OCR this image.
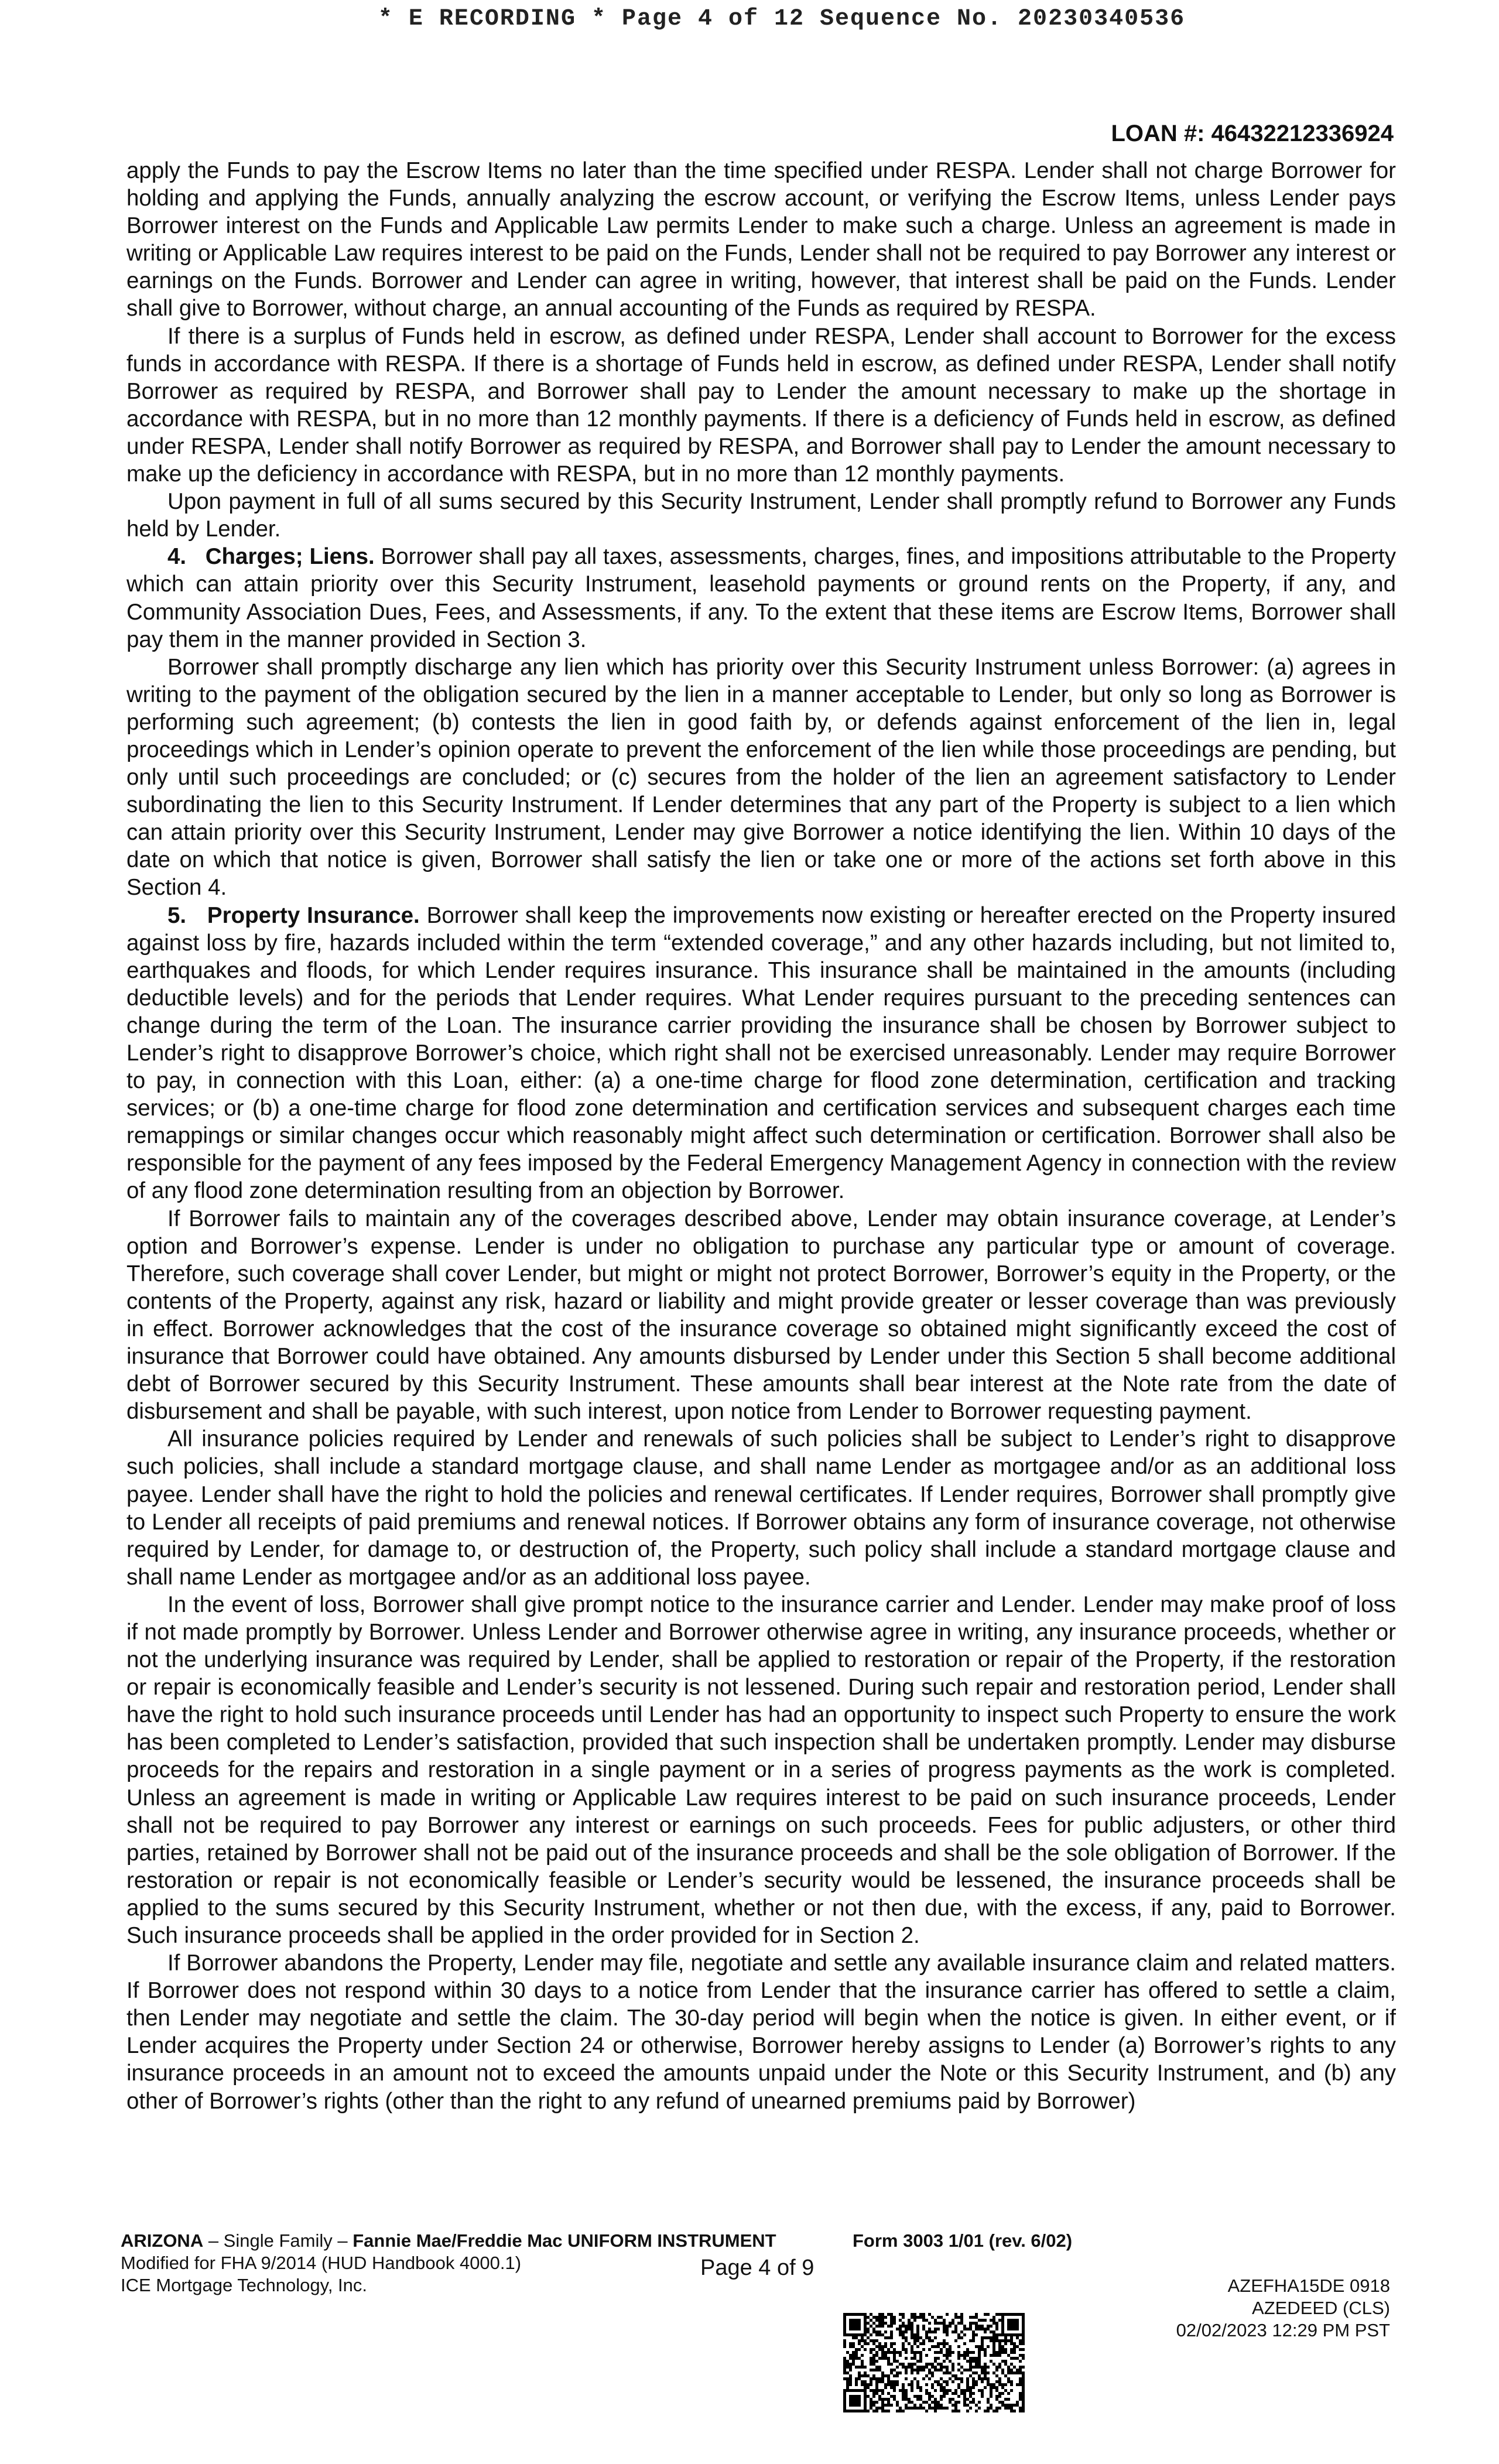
* E RECORDING * Page 4 of 12 Sequence No. 20230340536
LOAN #: 46432212336924

apply the Funds to pay the Escrow Items no later than the time specified under RESPA. Lender shall not charge Borrower for holding and applying the Funds, annually analyzing the escrow account, or verifying the Escrow Items, unless Lender pays Borrower interest on the Funds and Applicable Law permits Lender to make such a charge. Unless an agreement is made in writing or Applicable Law requires interest to be paid on the Funds, Lender shall not be required to pay Borrower any interest or earnings on the Funds. Borrower and Lender can agree in writing, however, that interest shall be paid on the Funds. Lender shall give to Borrower, without charge, an annual accounting of the Funds as required by RESPA.

If there is a surplus of Funds held in escrow, as defined under RESPA, Lender shall account to Borrower for the excess funds in accordance with RESPA. If there is a shortage of Funds held in escrow, as defined under RESPA, Lender shall notify Borrower as required by RESPA, and Borrower shall pay to Lender the amount necessary to make up the shortage in accordance with RESPA, but in no more than 12 monthly payments. If there is a deficiency of Funds held in escrow, as defined under RESPA, Lender shall notify Borrower as required by RESPA, and Borrower shall pay to Lender the amount necessary to make up the deficiency in accordance with RESPA, but in no more than 12 monthly payments.

Upon payment in full of all sums secured by this Security Instrument, Lender shall promptly refund to Borrower any Funds held by Lender.

4. Charges; Liens. Borrower shall pay all taxes, assessments, charges, fines, and impositions attributable to the Property which can attain priority over this Security Instrument, leasehold payments or ground rents on the Property, if any, and Community Association Dues, Fees, and Assessments, if any. To the extent that these items are Escrow Items, Borrower shall pay them in the manner provided in Section 3.

Borrower shall promptly discharge any lien which has priority over this Security Instrument unless Borrower: (a) agrees in writing to the payment of the obligation secured by the lien in a manner acceptable to Lender, but only so long as Borrower is performing such agreement; (b) contests the lien in good faith by, or defends against enforcement of the lien in, legal proceedings which in Lender’s opinion operate to prevent the enforcement of the lien while those proceedings are pending, but only until such proceedings are concluded; or (c) secures from the holder of the lien an agreement satisfactory to Lender subordinating the lien to this Security Instrument. If Lender determines that any part of the Property is subject to a lien which can attain priority over this Security Instrument, Lender may give Borrower a notice identifying the lien. Within 10 days of the date on which that notice is given, Borrower shall satisfy the lien or take one or more of the actions set forth above in this Section 4.

5. Property Insurance. Borrower shall keep the improvements now existing or hereafter erected on the Property insured against loss by fire, hazards included within the term “extended coverage,” and any other hazards including, but not limited to, earthquakes and floods, for which Lender requires insurance. This insurance shall be maintained in the amounts (including deductible levels) and for the periods that Lender requires. What Lender requires pursuant to the preceding sentences can change during the term of the Loan. The insurance carrier providing the insurance shall be chosen by Borrower subject to Lender’s right to disapprove Borrower’s choice, which right shall not be exercised unreasonably. Lender may require Borrower to pay, in connection with this Loan, either: (a) a one-time charge for flood zone determination, certification and tracking services; or (b) a one-time charge for flood zone determination and certification services and subsequent charges each time remappings or similar changes occur which reasonably might affect such determination or certification. Borrower shall also be responsible for the payment of any fees imposed by the Federal Emergency Management Agency in connection with the review of any flood zone determination resulting from an objection by Borrower.

If Borrower fails to maintain any of the coverages described above, Lender may obtain insurance coverage, at Lender’s option and Borrower’s expense. Lender is under no obligation to purchase any particular type or amount of coverage. Therefore, such coverage shall cover Lender, but might or might not protect Borrower, Borrower’s equity in the Property, or the contents of the Property, against any risk, hazard or liability and might provide greater or lesser coverage than was previously in effect. Borrower acknowledges that the cost of the insurance coverage so obtained might significantly exceed the cost of insurance that Borrower could have obtained. Any amounts disbursed by Lender under this Section 5 shall become additional debt of Borrower secured by this Security Instrument. These amounts shall bear interest at the Note rate from the date of disbursement and shall be payable, with such interest, upon notice from Lender to Borrower requesting payment.

All insurance policies required by Lender and renewals of such policies shall be subject to Lender’s right to disapprove such policies, shall include a standard mortgage clause, and shall name Lender as mortgagee and/or as an additional loss payee. Lender shall have the right to hold the policies and renewal certificates. If Lender requires, Borrower shall promptly give to Lender all receipts of paid premiums and renewal notices. If Borrower obtains any form of insurance coverage, not otherwise required by Lender, for damage to, or destruction of, the Property, such policy shall include a standard mortgage clause and shall name Lender as mortgagee and/or as an additional loss payee.

In the event of loss, Borrower shall give prompt notice to the insurance carrier and Lender. Lender may make proof of loss if not made promptly by Borrower. Unless Lender and Borrower otherwise agree in writing, any insurance proceeds, whether or not the underlying insurance was required by Lender, shall be applied to restoration or repair of the Property, if the restoration or repair is economically feasible and Lender’s security is not lessened. During such repair and restoration period, Lender shall have the right to hold such insurance proceeds until Lender has had an opportunity to inspect such Property to ensure the work has been completed to Lender’s satisfaction, provided that such inspection shall be undertaken promptly. Lender may disburse proceeds for the repairs and restoration in a single payment or in a series of progress payments as the work is completed. Unless an agreement is made in writing or Applicable Law requires interest to be paid on such insurance proceeds, Lender shall not be required to pay Borrower any interest or earnings on such proceeds. Fees for public adjusters, or other third parties, retained by Borrower shall not be paid out of the insurance proceeds and shall be the sole obligation of Borrower. If the restoration or repair is not economically feasible or Lender’s security would be lessened, the insurance proceeds shall be applied to the sums secured by this Security Instrument, whether or not then due, with the excess, if any, paid to Borrower. Such insurance proceeds shall be applied in the order provided for in Section 2.

If Borrower abandons the Property, Lender may file, negotiate and settle any available insurance claim and related matters. If Borrower does not respond within 30 days to a notice from Lender that the insurance carrier has offered to settle a claim, then Lender may negotiate and settle the claim. The 30-day period will begin when the notice is given. In either event, or if Lender acquires the Property under Section 24 or otherwise, Borrower hereby assigns to Lender (a) Borrower’s rights to any insurance proceeds in an amount not to exceed the amounts unpaid under the Note or this Security Instrument, and (b) any other of Borrower’s rights (other than the right to any refund of unearned premiums paid by Borrower)

ARIZONA – Single Family – Fannie Mae/Freddie Mac UNIFORM INSTRUMENT	Form 3003 1/01 (rev. 6/02)
Modified for FHA 9/2014 (HUD Handbook 4000.1)
ICE Mortgage Technology, Inc.
Page 4 of 9
AZEFHA15DE 0918
AZEDEED (CLS)
02/02/2023 12:29 PM PST
